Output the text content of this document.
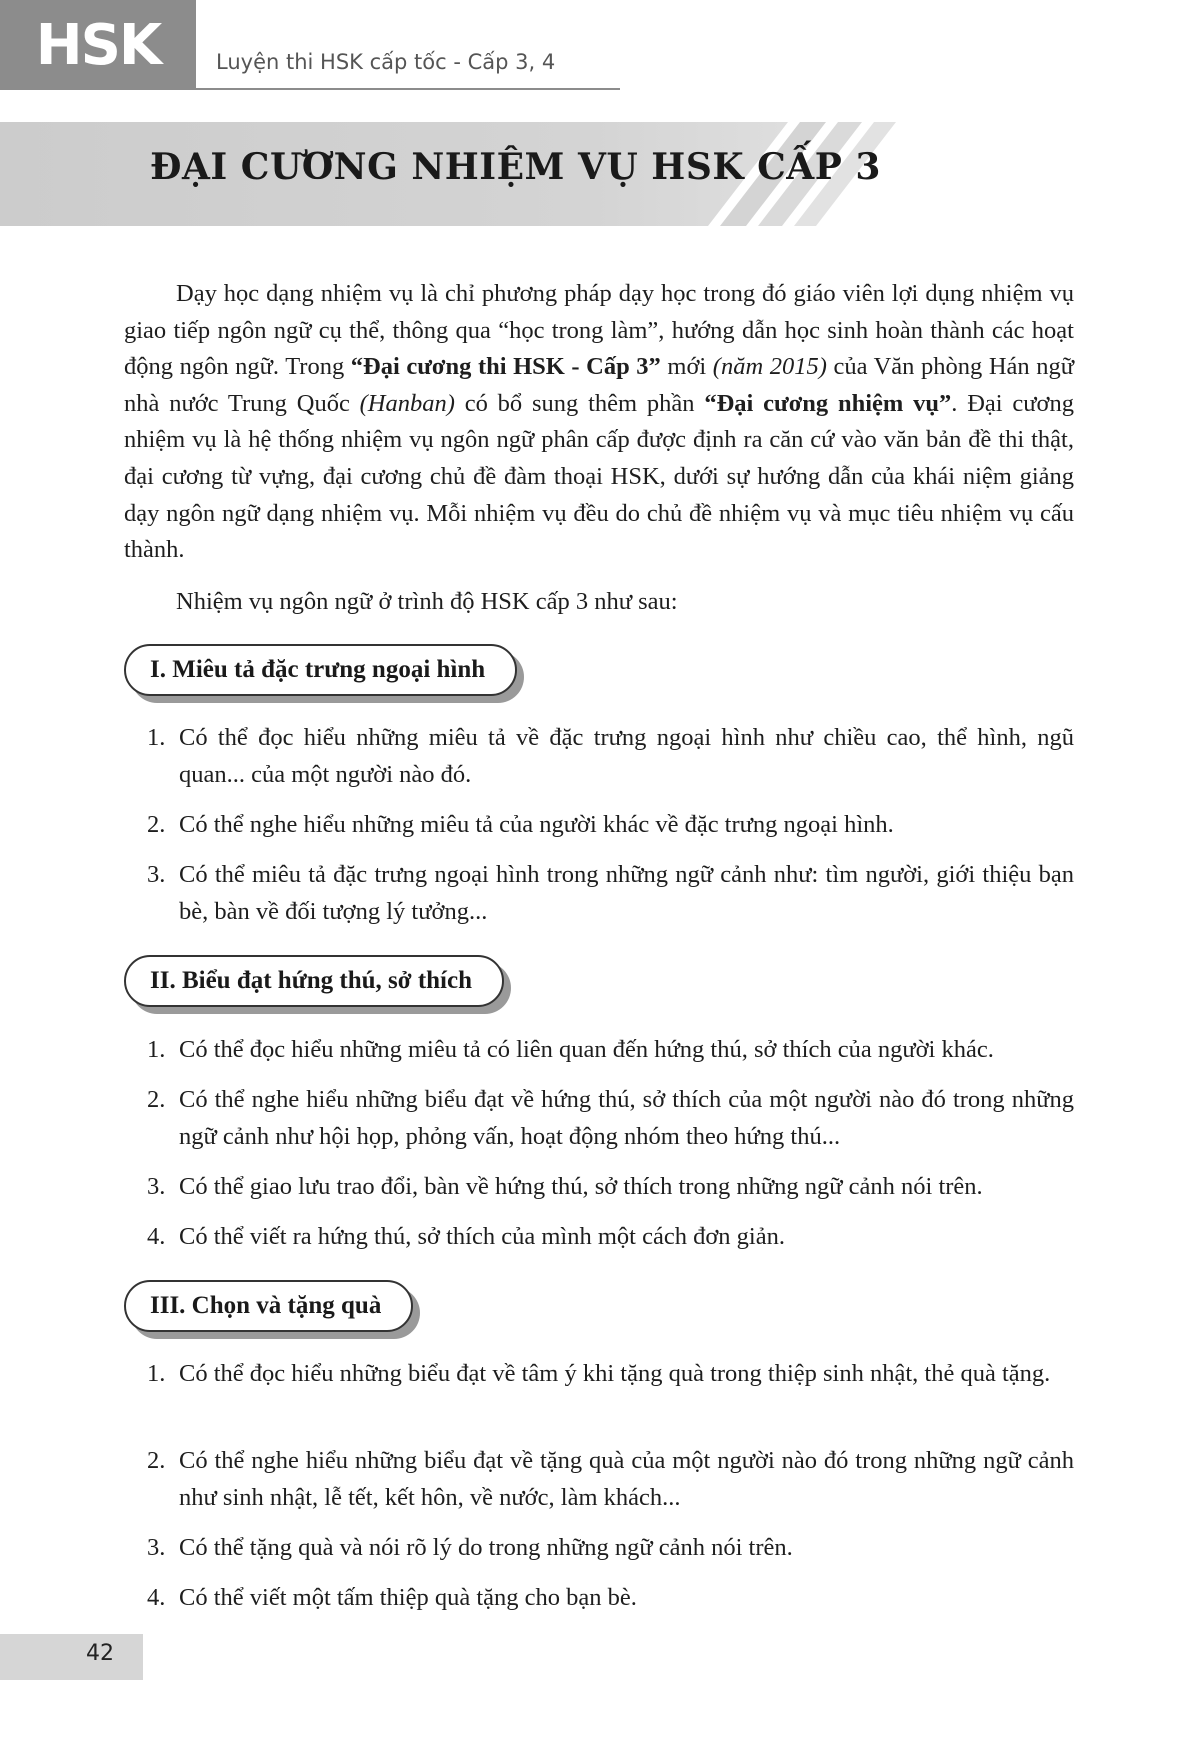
HSK	Luyện thi HSK cấp tốc - Cấp 3, 4
ĐẠI CƯƠNG NHIỆM VỤ HSK CẤP 3

Dạy học dạng nhiệm vụ là chỉ phương pháp dạy học trong đó giáo viên lợi dụng nhiệm vụ giao tiếp ngôn ngữ cụ thể, thông qua “học trong làm”, hướng dẫn học sinh hoàn thành các hoạt động ngôn ngữ. Trong “Đại cương thi HSK - Cấp 3” mới (năm 2015) của Văn phòng Hán ngữ nhà nước Trung Quốc (Hanban) có bổ sung thêm phần “Đại cương nhiệm vụ”. Đại cương nhiệm vụ là hệ thống nhiệm vụ ngôn ngữ phân cấp được định ra căn cứ vào văn bản đề thi thật, đại cương từ vựng, đại cương chủ đề đàm thoại HSK, dưới sự hướng dẫn của khái niệm giảng dạy ngôn ngữ dạng nhiệm vụ. Mỗi nhiệm vụ đều do chủ đề nhiệm vụ và mục tiêu nhiệm vụ cấu thành.

Nhiệm vụ ngôn ngữ ở trình độ HSK cấp 3 như sau:

I. Miêu tả đặc trưng ngoại hình
1. Có thể đọc hiểu những miêu tả về đặc trưng ngoại hình như chiều cao, thể hình, ngũ quan... của một người nào đó.
2. Có thể nghe hiểu những miêu tả của người khác về đặc trưng ngoại hình.
3. Có thể miêu tả đặc trưng ngoại hình trong những ngữ cảnh như: tìm người, giới thiệu bạn bè, bàn về đối tượng lý tưởng...
II. Biểu đạt hứng thú, sở thích
1. Có thể đọc hiểu những miêu tả có liên quan đến hứng thú, sở thích của người khác.
2. Có thể nghe hiểu những biểu đạt về hứng thú, sở thích của một người nào đó trong những ngữ cảnh như hội họp, phỏng vấn, hoạt động nhóm theo hứng thú...
3. Có thể giao lưu trao đổi, bàn về hứng thú, sở thích trong những ngữ cảnh nói trên.
4. Có thể viết ra hứng thú, sở thích của mình một cách đơn giản.
III. Chọn và tặng quà
1. Có thể đọc hiểu những biểu đạt về tâm ý khi tặng quà trong thiệp sinh nhật, thẻ quà tặng.
2. Có thể nghe hiểu những biểu đạt về tặng quà của một người nào đó trong những ngữ cảnh như sinh nhật, lễ tết, kết hôn, về nước, làm khách...
3. Có thể tặng quà và nói rõ lý do trong những ngữ cảnh nói trên.
4. Có thể viết một tấm thiệp quà tặng cho bạn bè.
42
